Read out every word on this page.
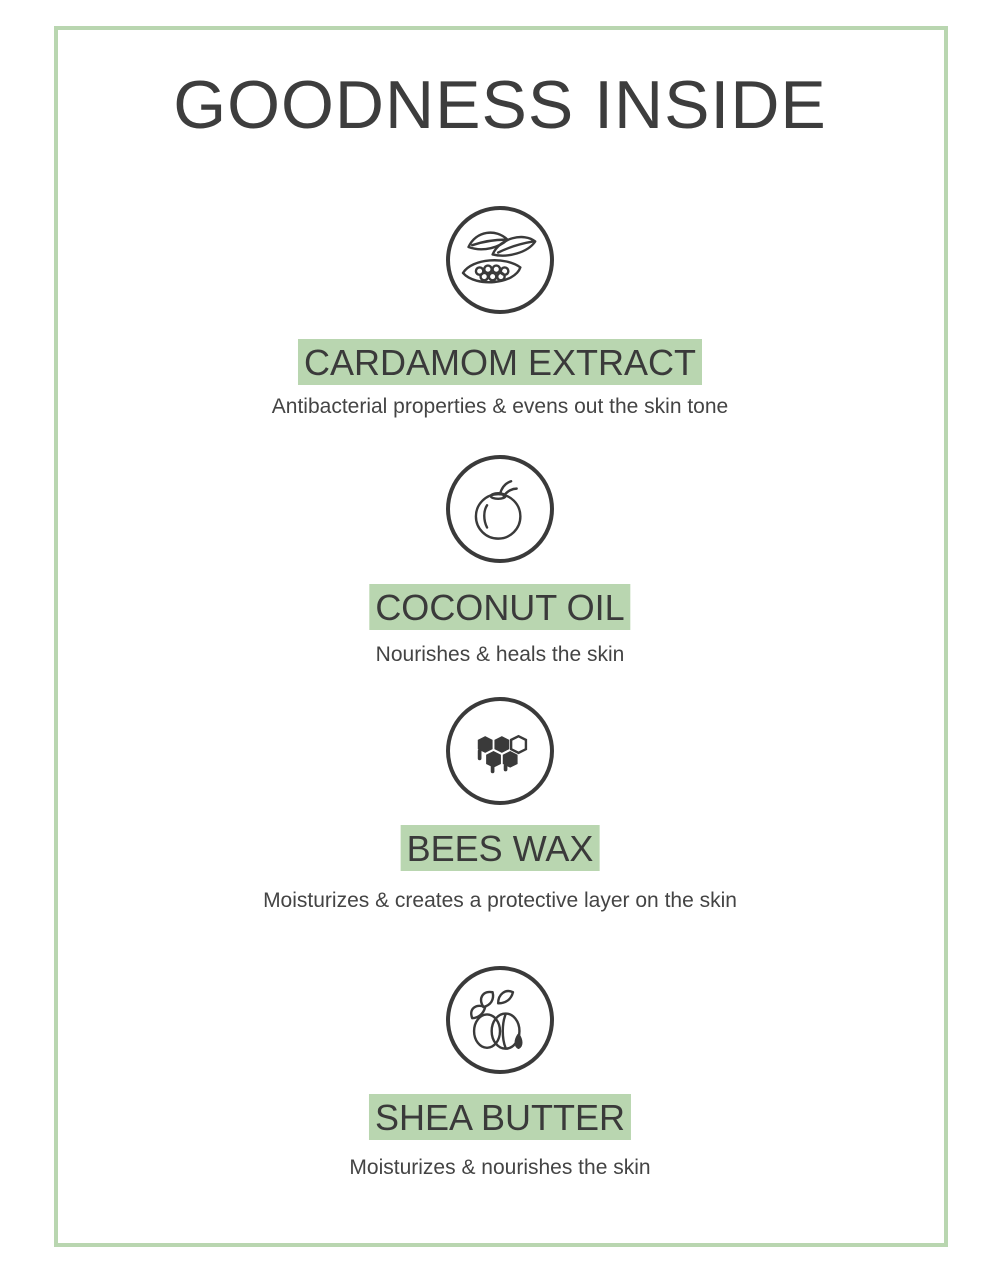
GOODNESS INSIDE
CARDAMOM EXTRACT

Antibacterial properties & evens out the skin tone

COCONUT OIL

Nourishes & heals the skin

BEES WAX

Moisturizes & creates a protective layer on the skin

SHEA BUTTER

Moisturizes & nourishes the skin
